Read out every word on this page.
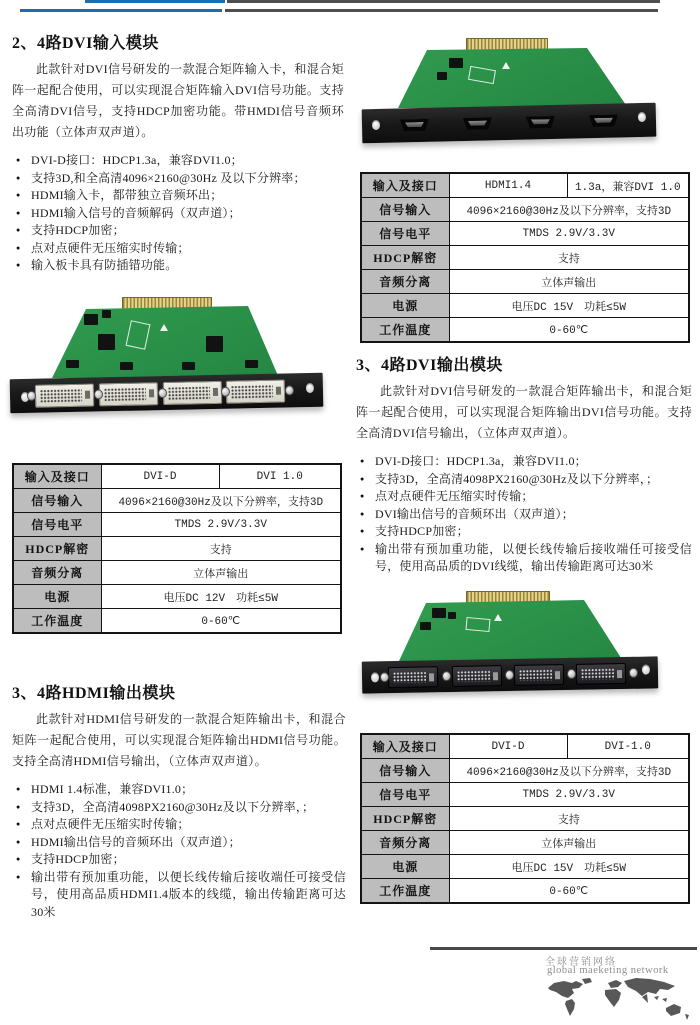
2、4路DVI输入模块

此款针对DVI信号研发的一款混合矩阵输入卡，和混合矩阵一起配合使用，可以实现混合矩阵输入DVI信号功能。支持全高清DVI信号，支持HDCP加密功能。带HMDI信号音频环出功能（立体声双声道）。

● DVI-D接口：HDCP1.3a，兼容DVI1.0；
● 支持3D,和全高清4096×2160@30Hz 及以下分辨率；
● HDMI输入卡，都带独立音频环出；
● HDMI输入信号的音频解码（双声道）；
● 支持HDCP加密；
● 点对点硬件无压缩实时传输；
● 输入板卡具有防插错功能。
输入及接口	HDMI1.4	1.3a，兼容DVI 1.0
信号输入	4096×2160@30Hz及以下分辨率，支持3D	
信号电平	TMDS 2.9V/3.3V	
HDCP解密	支持	
音频分离	立体声输出	
电源	电压DC 15V　功耗≤5W	
工作温度	0-60℃	
输入及接口	DVI-D	DVI 1.0
信号输入	4096×2160@30Hz及以下分辨率，支持3D	
信号电平	TMDS 2.9V/3.3V	
HDCP解密	支持	
音频分离	立体声输出	
电源	电压DC 12V　功耗≤5W	
工作温度	0-60℃	
3、4路DVI输出模块

此款针对DVI信号研发的一款混合矩阵输出卡，和混合矩阵一起配合使用，可以实现混合矩阵输出DVI信号功能。支持全高清DVI信号输出，（立体声双声道）。

● DVI-D接口：HDCP1.3a，兼容DVI1.0；
● 支持3D，全高清4098PX2160@30Hz及以下分辨率，；
● 点对点硬件无压缩实时传输；
● DVI输出信号的音频环出（双声道）；
● 支持HDCP加密；
● 输出带有预加重功能，以便长线传输后接收端任可接受信号，使用高品质的DVI线缆，输出传输距离可达30米
3、4路HDMI输出模块

此款针对HDMI信号研发的一款混合矩阵输出卡，和混合矩阵一起配合使用，可以实现混合矩阵输出HDMI信号功能。支持全高清HDMI信号输出，（立体声双声道）。

● HDMI 1.4标准，兼容DVI1.0；
● 支持3D，全高清4098PX2160@30Hz及以下分辨率，；
● 点对点硬件无压缩实时传输；
● HDMI输出信号的音频环出（双声道）；
● 支持HDCP加密；
● 输出带有预加重功能，以便长线传输后接收端任可接受信号，使用高品质HDMI1.4版本的线缆，输出传输距离可达30米
输入及接口	DVI-D	DVI-1.0
信号输入	4096×2160@30Hz及以下分辨率，支持3D	
信号电平	TMDS 2.9V/3.3V	
HDCP解密	支持	
音频分离	立体声输出	
电源	电压DC 15V　功耗≤5W	
工作温度	0-60℃	
全球营销网络
global maeketing network
